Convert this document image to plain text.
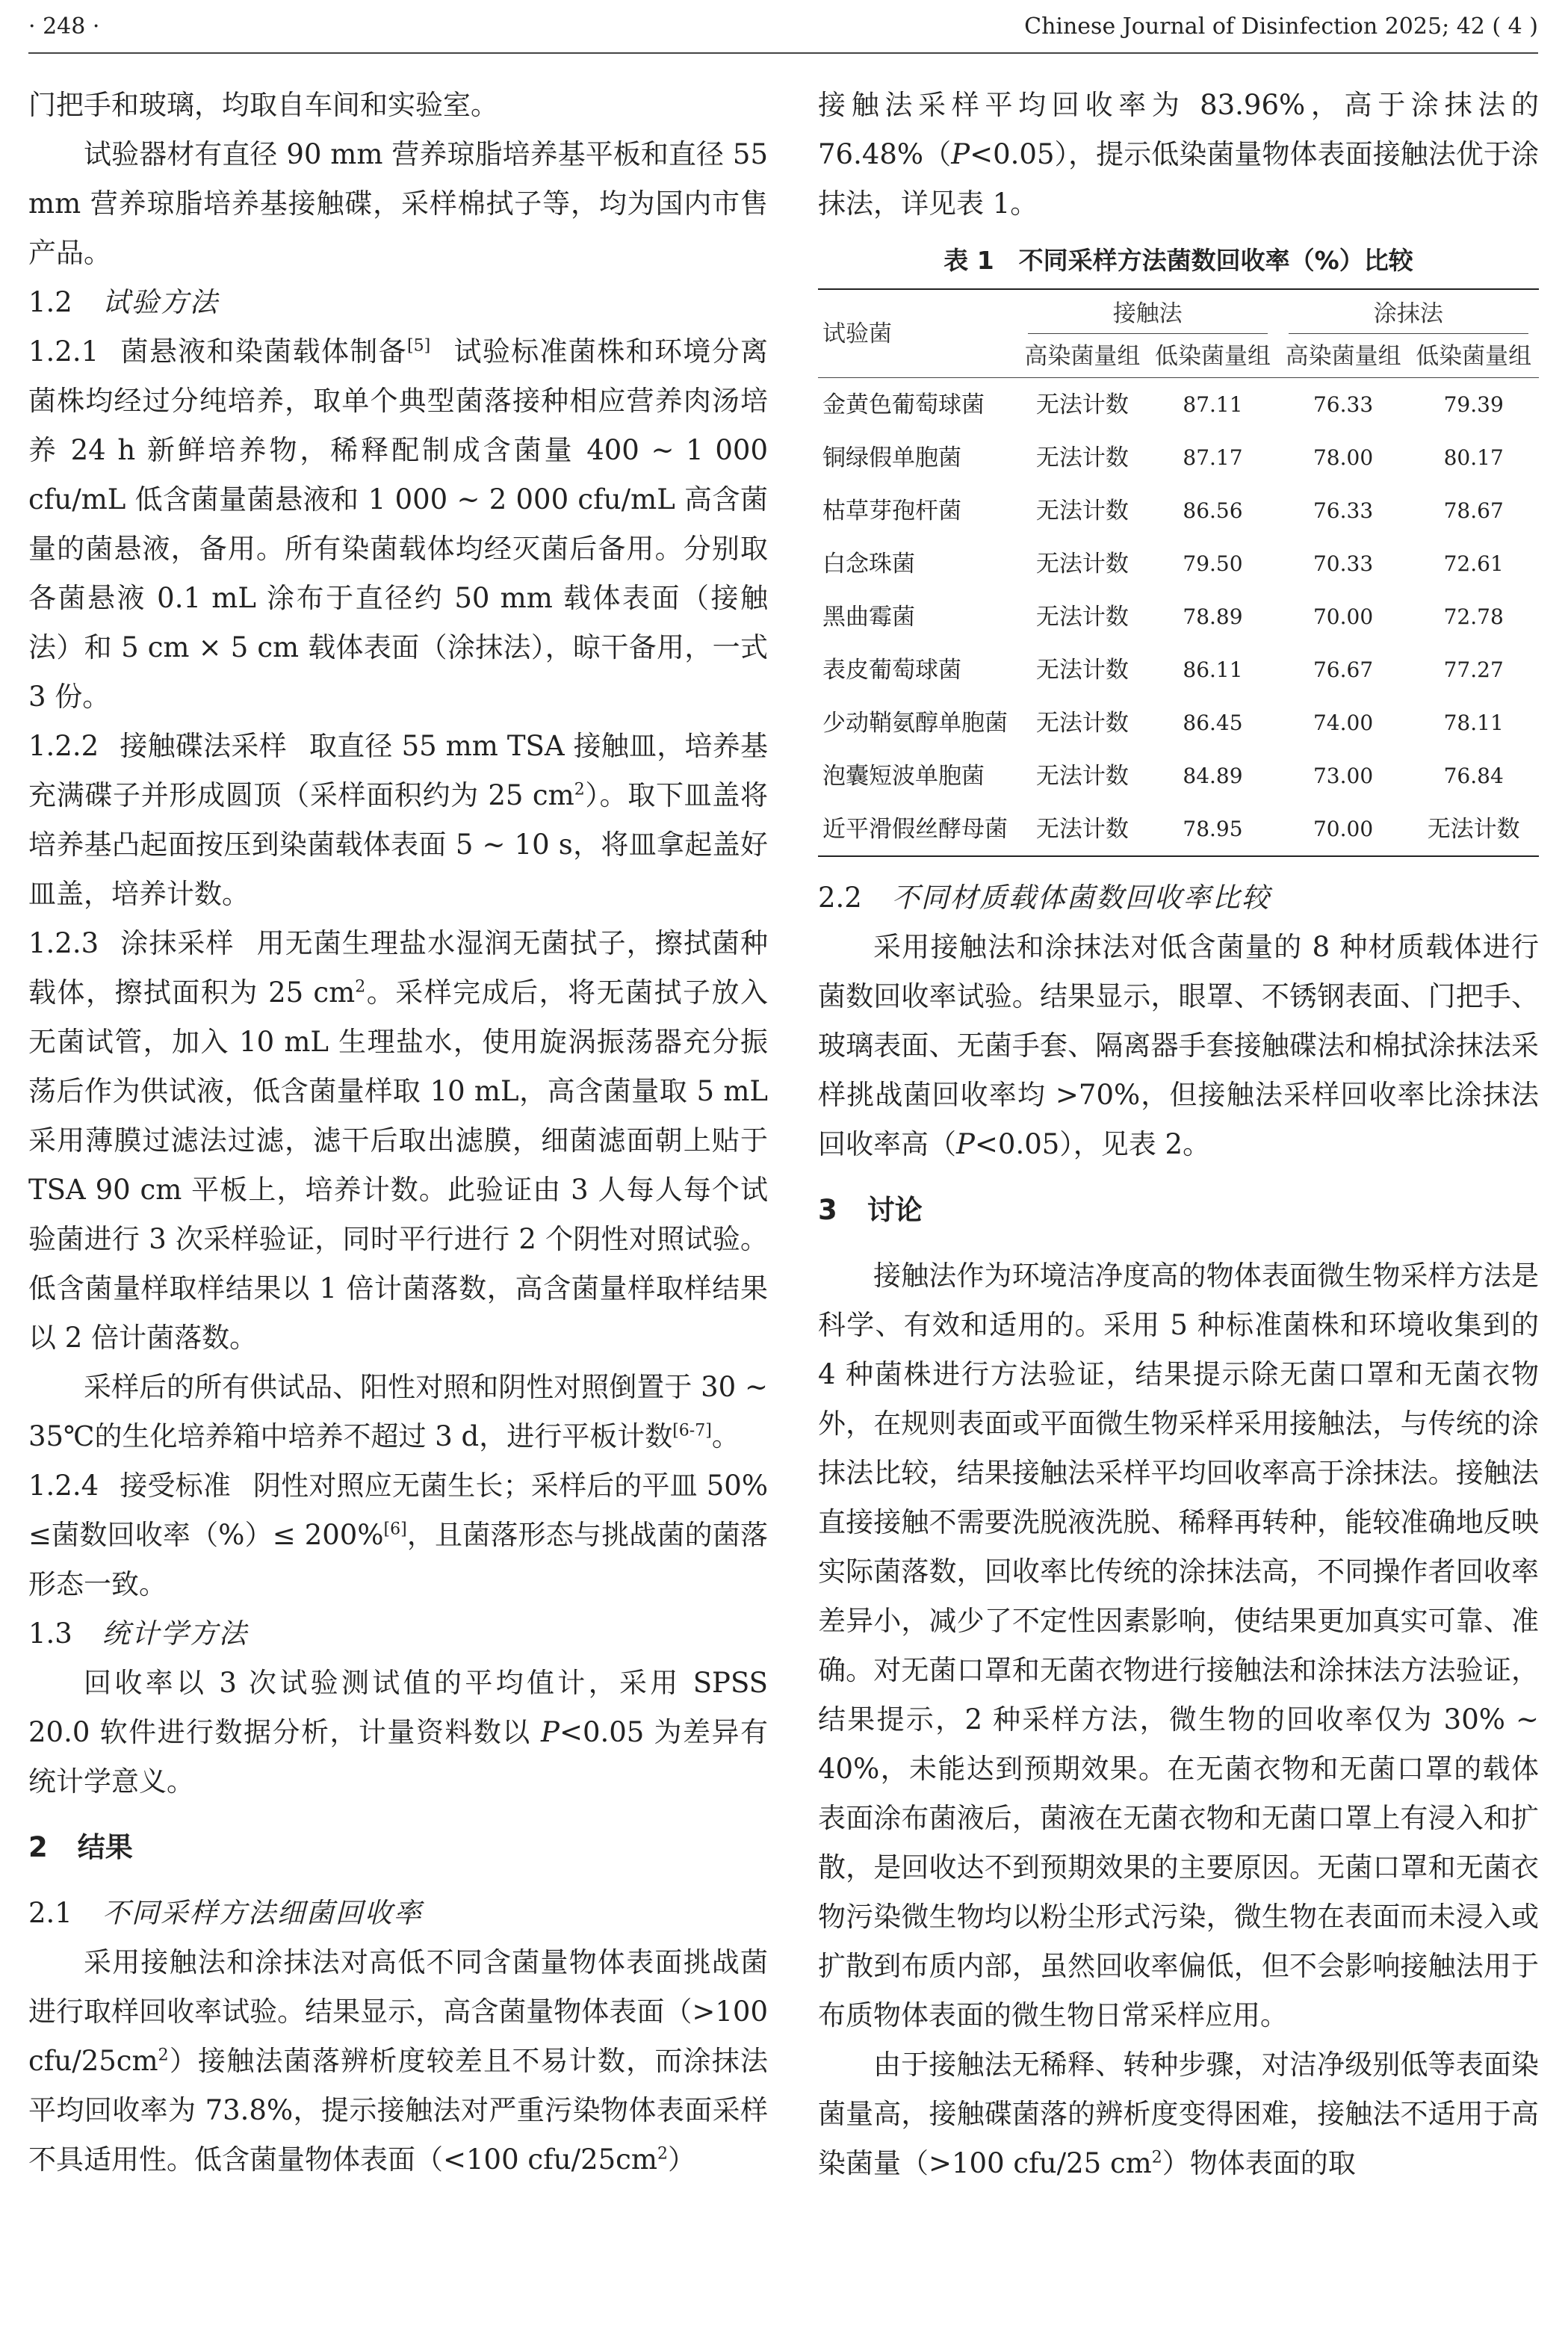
· 248 ·	Chinese Journal of Disinfection 2025; 42 ( 4 )

门把手和玻璃，均取自车间和实验室。

试验器材有直径 90 mm 营养琼脂培养基平板和直径 55 mm 营养琼脂培养基接触碟，采样棉拭子等，均为国内市售产品。

1.2 试验方法

1.2.1 菌悬液和染菌载体制备[5] 试验标准菌株和环境分离菌株均经过分纯培养，取单个典型菌落接种相应营养肉汤培养 24 h 新鲜培养物，稀释配制成含菌量 400 ~ 1 000 cfu/mL 低含菌量菌悬液和 1 000 ~ 2 000 cfu/mL 高含菌量的菌悬液，备用。所有染菌载体均经灭菌后备用。分别取各菌悬液 0.1 mL 涂布于直径约 50 mm 载体表面（接触法）和 5 cm × 5 cm 载体表面（涂抹法），晾干备用，一式 3 份。

1.2.2 接触碟法采样 取直径 55 mm TSA 接触皿，培养基充满碟子并形成圆顶（采样面积约为 25 $cm^2$）。取下皿盖将培养基凸起面按压到染菌载体表面 5 ~ 10 s，将皿拿起盖好皿盖，培养计数。

1.2.3 涂抹采样 用无菌生理盐水湿润无菌拭子，擦拭菌种载体，擦拭面积为 25 $cm^2$。采样完成后，将无菌拭子放入无菌试管，加入 10 mL 生理盐水，使用旋涡振荡器充分振荡后作为供试液，低含菌量样取 10 mL，高含菌量取 5 mL 采用薄膜过滤法过滤，滤干后取出滤膜，细菌滤面朝上贴于 TSA 90 cm 平板上，培养计数。此验证由 3 人每人每个试验菌进行 3 次采样验证，同时平行进行 2 个阴性对照试验。低含菌量样取样结果以 1 倍计菌落数，高含菌量样取样结果以 2 倍计菌落数。

采样后的所有供试品、阳性对照和阴性对照倒置于 30 ~ 35℃的生化培养箱中培养不超过 3 d，进行平板计数[6-7]。

1.2.4 接受标准 阴性对照应无菌生长；采样后的平皿 50% ≤菌数回收率（%）≤ 200%[6]，且菌落形态与挑战菌的菌落形态一致。

1.3 统计学方法

回收率以 3 次试验测试值的平均值计，采用 SPSS 20.0 软件进行数据分析，计量资料数以 P<0.05 为差异有统计学意义。

2 结果
2.1 不同采样方法细菌回收率

采用接触法和涂抹法对高低不同含菌量物体表面挑战菌进行取样回收率试验。结果显示，高含菌量物体表面（>100 cfu/$25cm^2$）接触法菌落辨析度较差且不易计数，而涂抹法平均回收率为 73.8%，提示接触法对严重污染物体表面采样不具适用性。低含菌量物体表面（<100 cfu/$25cm^2$）

接触法采样平均回收率为 83.96%，高于涂抹法的 76.48%（P<0.05），提示低染菌量物体表面接触法优于涂抹法，详见表 1。

表 1　不同采样方法菌数回收率（%）比较
试验菌	接触法		涂抹法	

	高染菌量组	低染菌量组	高染菌量组	低染菌量组
金黄色葡萄球菌	无法计数	87.11	76.33	79.39
铜绿假单胞菌	无法计数	87.17	78.00	80.17
枯草芽孢杆菌	无法计数	86.56	76.33	78.67
白念珠菌	无法计数	79.50	70.33	72.61
黑曲霉菌	无法计数	78.89	70.00	72.78
表皮葡萄球菌	无法计数	86.11	76.67	77.27
少动鞘氨醇单胞菌	无法计数	86.45	74.00	78.11
泡囊短波单胞菌	无法计数	84.89	73.00	76.84
近平滑假丝酵母菌	无法计数	78.95	70.00	无法计数
2.2 不同材质载体菌数回收率比较

采用接触法和涂抹法对低含菌量的 8 种材质载体进行菌数回收率试验。结果显示，眼罩、不锈钢表面、门把手、玻璃表面、无菌手套、隔离器手套接触碟法和棉拭涂抹法采样挑战菌回收率均 >70%，但接触法采样回收率比涂抹法回收率高（P<0.05），见表 2。

3 讨论

接触法作为环境洁净度高的物体表面微生物采样方法是科学、有效和适用的。采用 5 种标准菌株和环境收集到的 4 种菌株进行方法验证，结果提示除无菌口罩和无菌衣物外，在规则表面或平面微生物采样采用接触法，与传统的涂抹法比较，结果接触法采样平均回收率高于涂抹法。接触法直接接触不需要洗脱液洗脱、稀释再转种，能较准确地反映实际菌落数，回收率比传统的涂抹法高，不同操作者回收率差异小，减少了不定性因素影响，使结果更加真实可靠、准确。对无菌口罩和无菌衣物进行接触法和涂抹法方法验证，结果提示，2 种采样方法，微生物的回收率仅为 30% ~ 40%，未能达到预期效果。在无菌衣物和无菌口罩的载体表面涂布菌液后，菌液在无菌衣物和无菌口罩上有浸入和扩散，是回收达不到预期效果的主要原因。无菌口罩和无菌衣物污染微生物均以粉尘形式污染，微生物在表面而未浸入或扩散到布质内部，虽然回收率偏低，但不会影响接触法用于布质物体表面的微生物日常采样应用。

由于接触法无稀释、转种步骤，对洁净级别低等表面染菌量高，接触碟菌落的辨析度变得困难，接触法不适用于高染菌量（>100 cfu/25 $cm^2$）物体表面的取
